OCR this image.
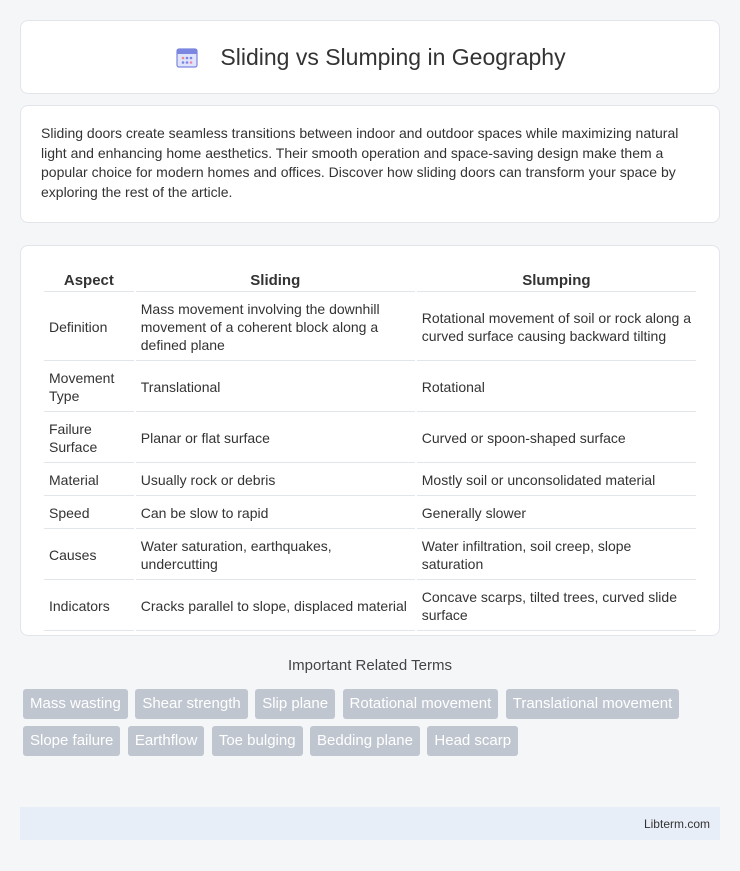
Sliding vs Slumping in Geography

Sliding doors create seamless transitions between indoor and outdoor spaces while maximizing natural light and enhancing home aesthetics. Their smooth operation and space-saving design make them a popular choice for modern homes and offices. Discover how sliding doors can transform your space by exploring the rest of the article.

Aspect	Sliding	Slumping
Definition	Mass movement involving the downhill movement of a coherent block along a defined plane	Rotational movement of soil or rock along a curved surface causing backward tilting
Movement Type	Translational	Rotational
Failure Surface	Planar or flat surface	Curved or spoon-shaped surface
Material	Usually rock or debris	Mostly soil or unconsolidated material
Speed	Can be slow to rapid	Generally slower
Causes	Water saturation, earthquakes, undercutting	Water infiltration, soil creep, slope saturation
Indicators	Cracks parallel to slope, displaced material	Concave scarps, tilted trees, curved slide surface
Important Related Terms
Mass wasting Shear strength Slip plane Rotational movement Translational movement Slope failure Earthflow Toe bulging Bedding plane Head scarp
Libterm.com
